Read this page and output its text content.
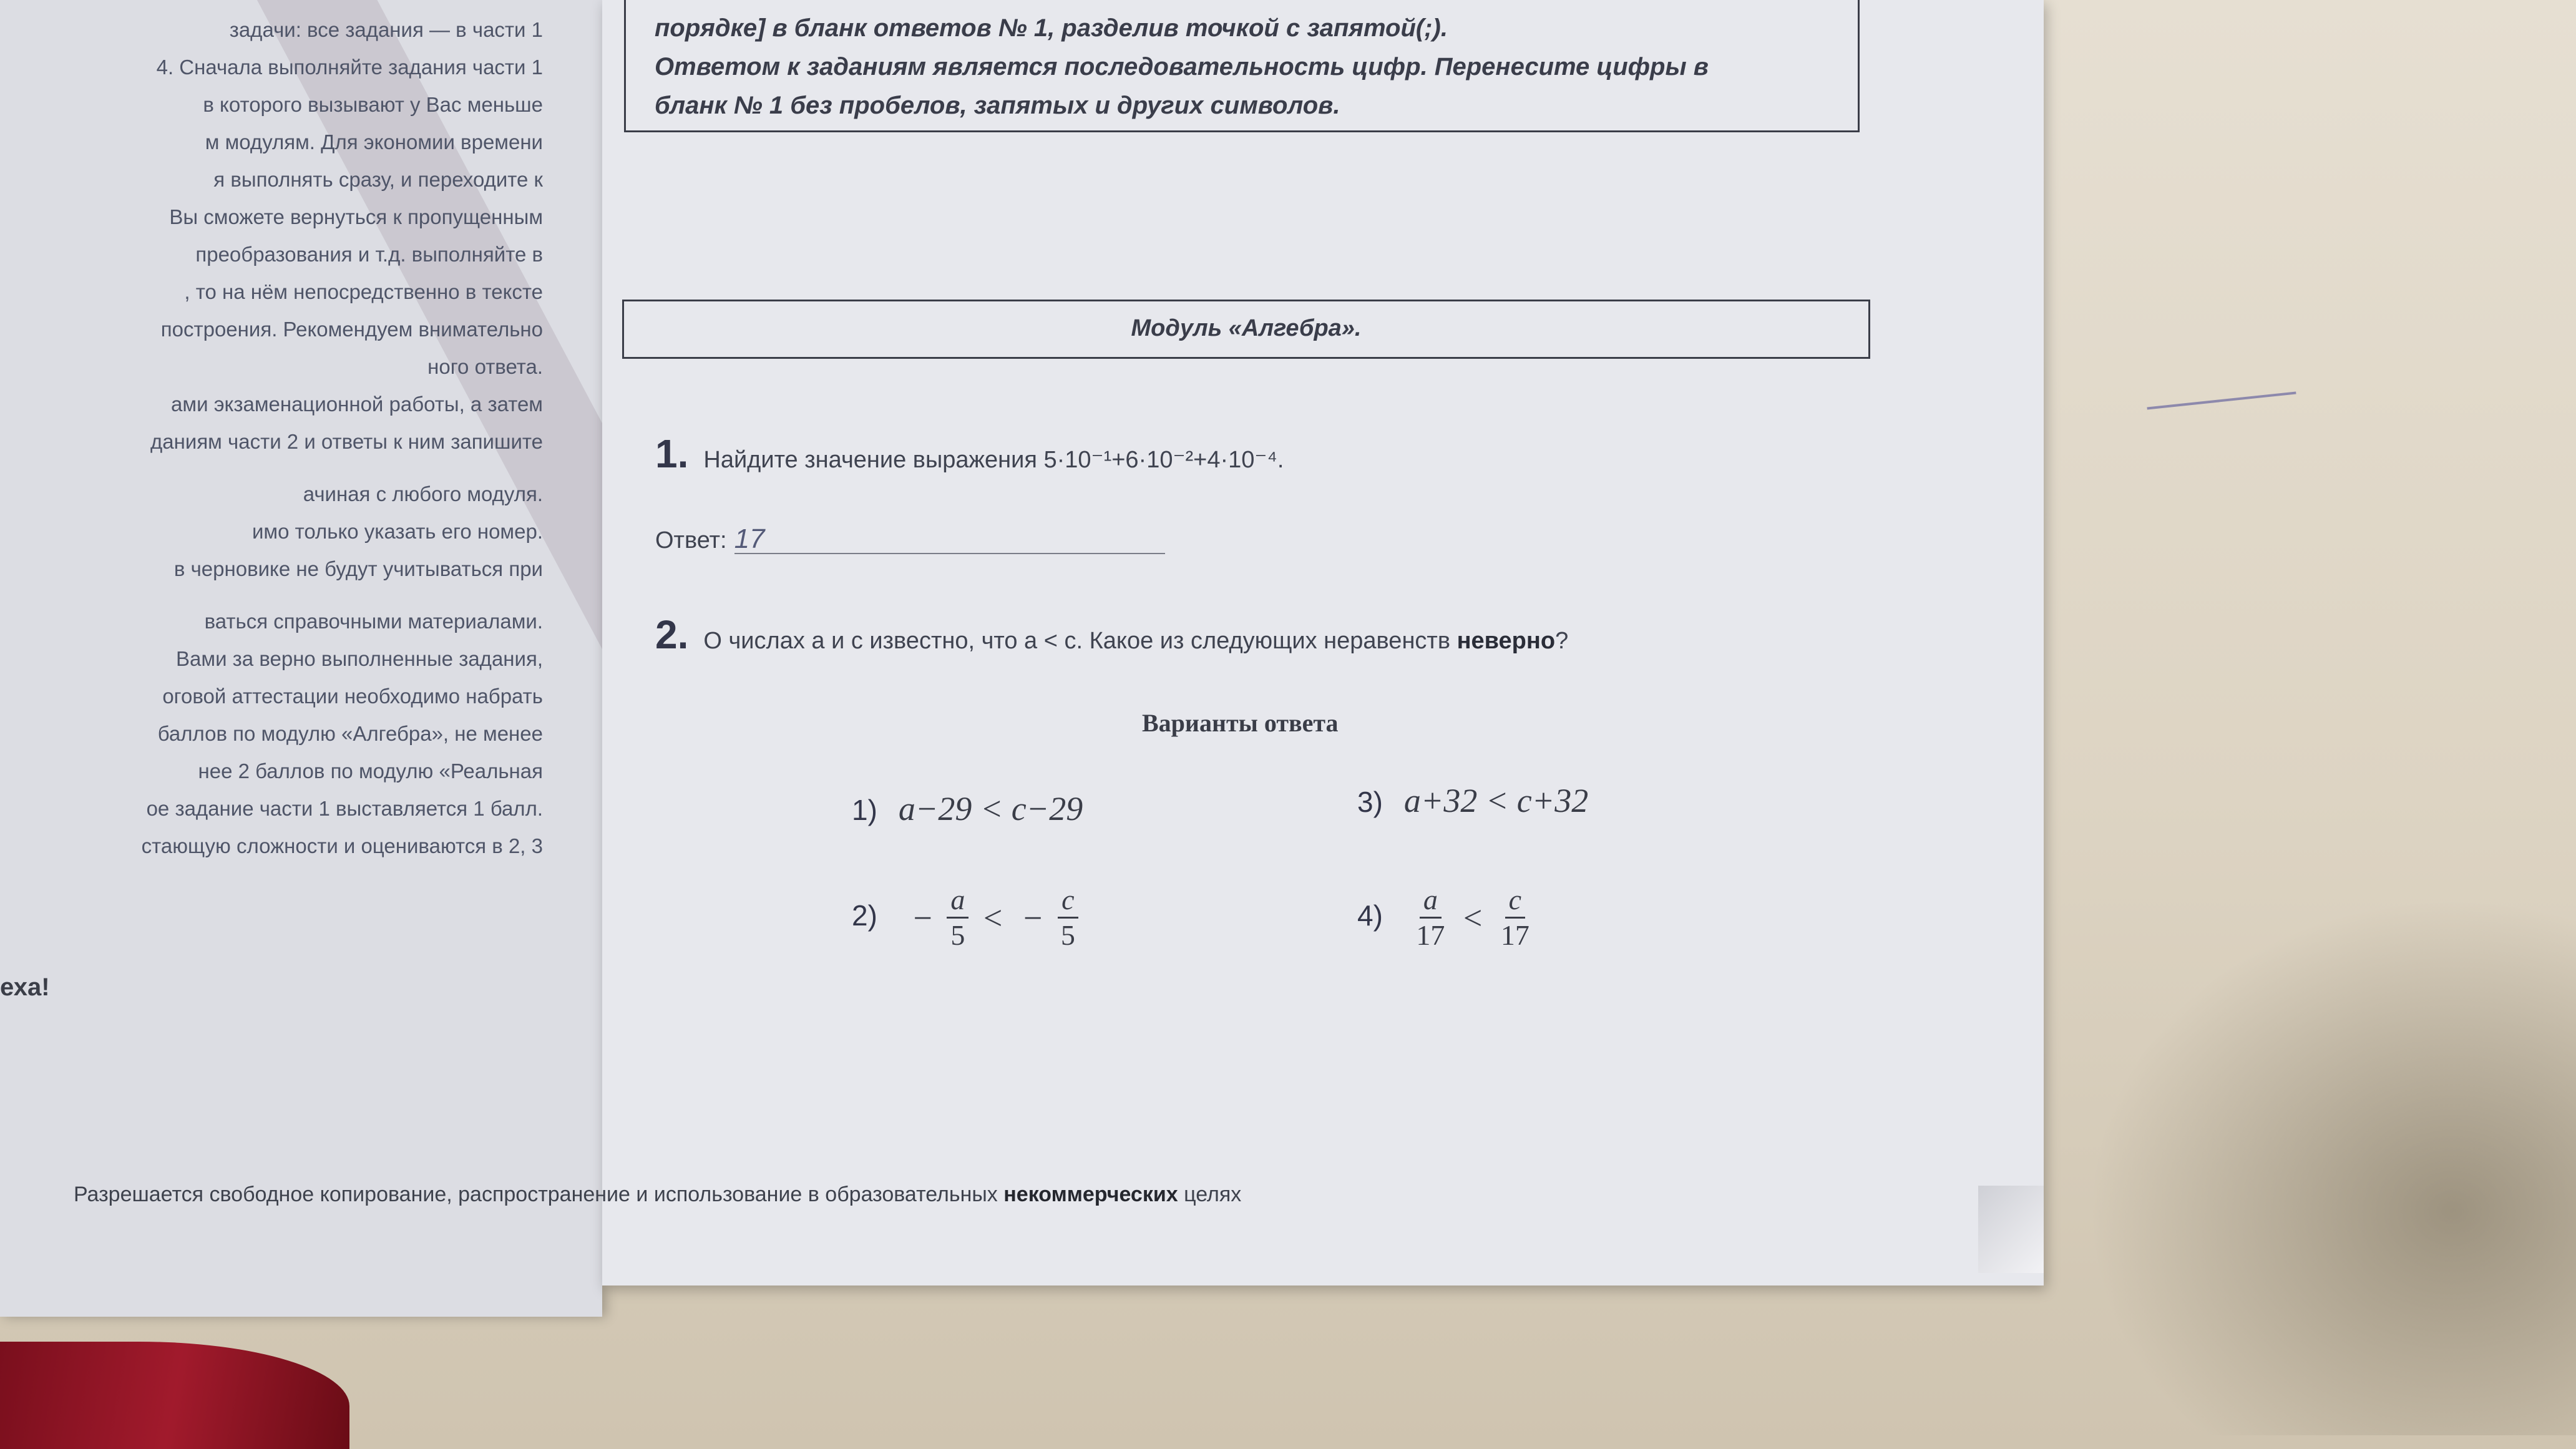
задачи: все задания — в части 1
4. Сначала выполняйте задания части 1
в которого вызывают у Вас меньше
м модулям. Для экономии времени
я выполнять сразу, и переходите к
Вы сможете вернуться к пропущенным
преобразования и т.д. выполняйте в
, то на нём непосредственно в тексте
построения. Рекомендуем внимательно
ного ответа.
ами экзаменационной работы, а затем
даниям части 2 и ответы к ним запишите
ачиная с любого модуля.
имо только указать его номер.
в черновике не будут учитываться при
ваться справочными материалами.
Вами за верно выполненные задания,
оговой аттестации необходимо набрать
баллов по модулю «Алгебра», не менее
нее 2 баллов по модулю «Реальная
ое задание части 1 выставляется 1 балл.
стающую сложности и оцениваются в 2, 3
еха!
порядке] в бланк ответов № 1, разделив точкой с запятой(;).
Ответом к заданиям является последовательность цифр. Перенесите цифры в
бланк № 1 без пробелов, запятых и других символов.
Модуль «Алгебра».
1. Найдите значение выражения 5·10⁻¹+6·10⁻²+4·10⁻⁴.
Ответ: 17
2. О числах a и c известно, что a < c. Какое из следующих неравенств неверно?
Варианты ответа
1) a−29 < c−29	3) a+32 < c+32
$2) - \frac{a}{5}$ < − $\frac{c}{5}$	$4) \frac{a}{17} < \frac{c}{17}$
Разрешается свободное копирование, распространение и использование в образовательных некоммерческих целях
